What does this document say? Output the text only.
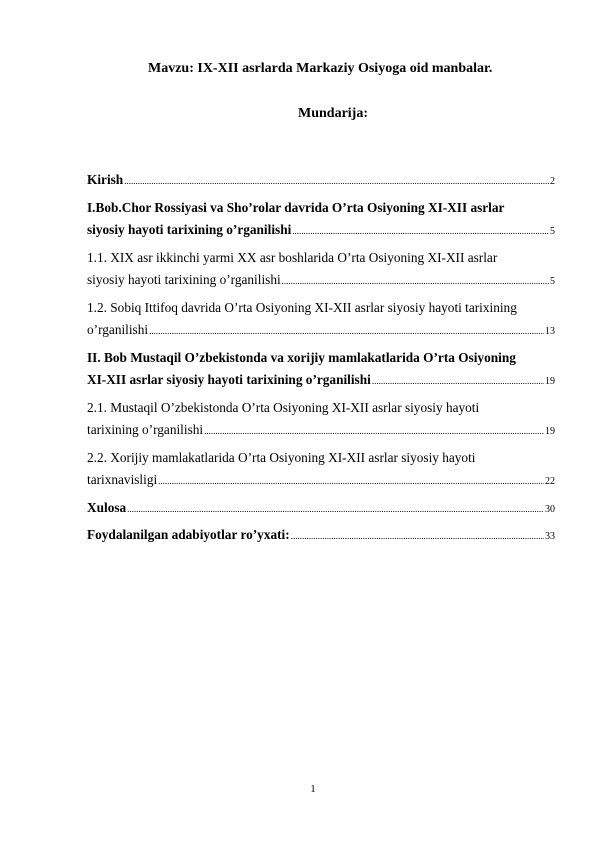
Mavzu: IX-XII asrlarda Markaziy Osiyoga oid manbalar.
Mundarija:
Kirish .....	2
I.Bob.Chor Rossiyasi va Sho’rolar davrida O’rta Osiyoning XI-XII asrlar
siyosiy hayoti tarixining o’rganilishi .....	5
1.1. XIX asr ikkinchi yarmi XX asr boshlarida O’rta Osiyoning XI-XII asrlar
siyosiy hayoti tarixining o’rganilishi .....	5
1.2. Sobiq Ittifoq davrida O’rta Osiyoning XI-XII asrlar siyosiy hayoti tarixining
o’rganilishi .....	13
II. Bob Mustaqil O’zbekistonda va xorijiy mamlakatlarida O’rta Osiyoning
XI-XII asrlar siyosiy hayoti tarixining o’rganilishi .....	19
2.1. Mustaqil O’zbekistonda O’rta Osiyoning XI-XII asrlar siyosiy hayoti
tarixining o’rganilishi .....	19
2.2. Xorijiy mamlakatlarida O’rta Osiyoning XI-XII asrlar siyosiy hayoti
tarixnavisligi .....	22
Xulosa .....	30
Foydalanilgan adabiyotlar ro’yxati: .....	33
1
